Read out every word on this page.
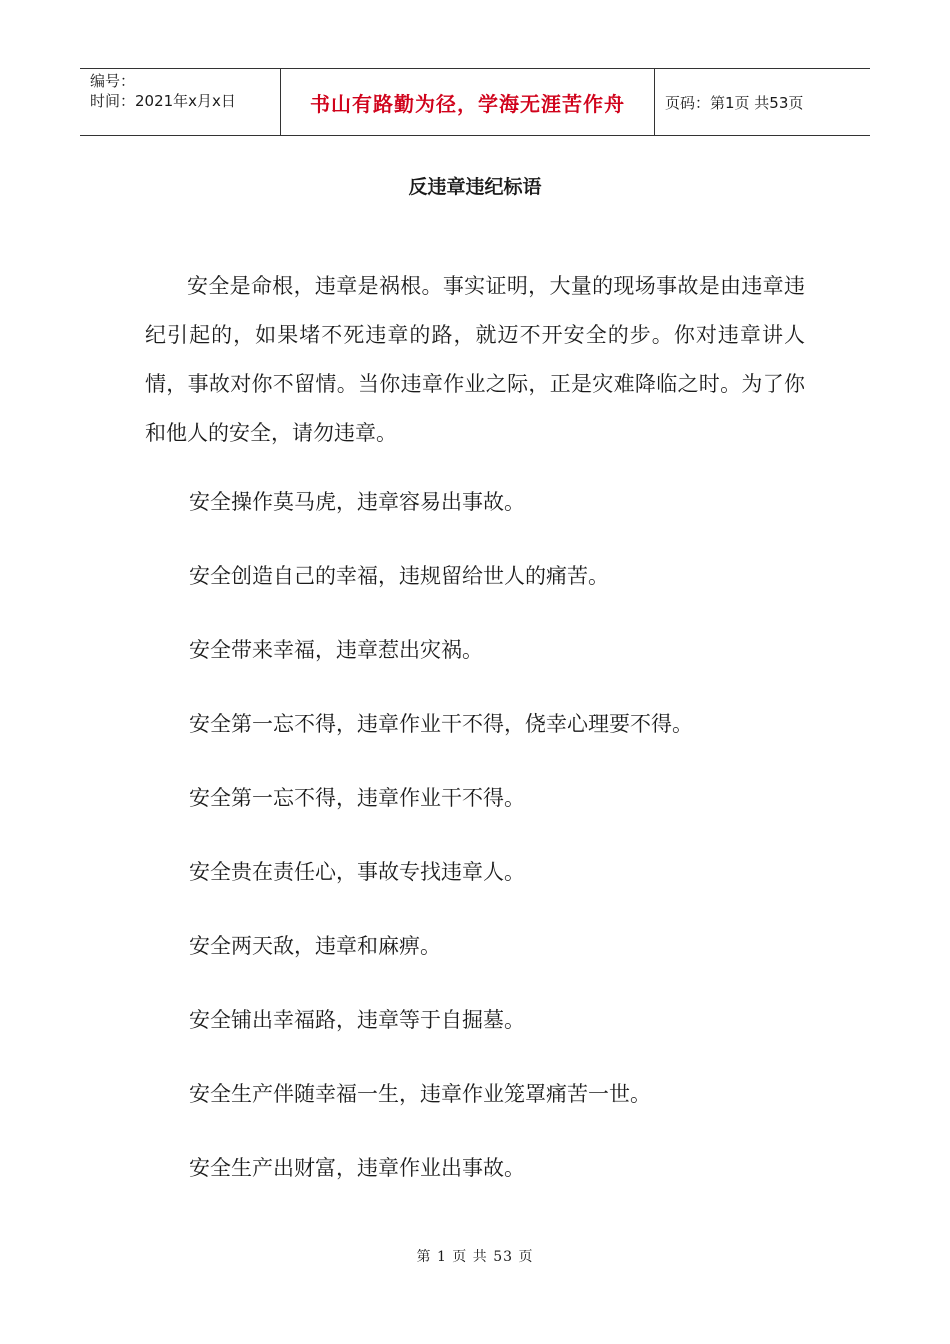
编号：
时间：2021年x月x日	书山有路勤为径，学海无涯苦作舟	页码：第1页 共53页
反违章违纪标语

安全是命根，违章是祸根。事实证明，大量的现场事故是由违章违纪引起的，如果堵不死违章的路，就迈不开安全的步。你对违章讲人情，事故对你不留情。当你违章作业之际，正是灾难降临之时。为了你和他人的安全，请勿违章。

安全操作莫马虎，违章容易出事故。

安全创造自己的幸福，违规留给世人的痛苦。

安全带来幸福，违章惹出灾祸。

安全第一忘不得，违章作业干不得，侥幸心理要不得。

安全第一忘不得，违章作业干不得。

安全贵在责任心，事故专找违章人。

安全两天敌，违章和麻痹。

安全铺出幸福路，违章等于自掘墓。

安全生产伴随幸福一生，违章作业笼罩痛苦一世。

安全生产出财富，违章作业出事故。

第 1 页 共 53 页
